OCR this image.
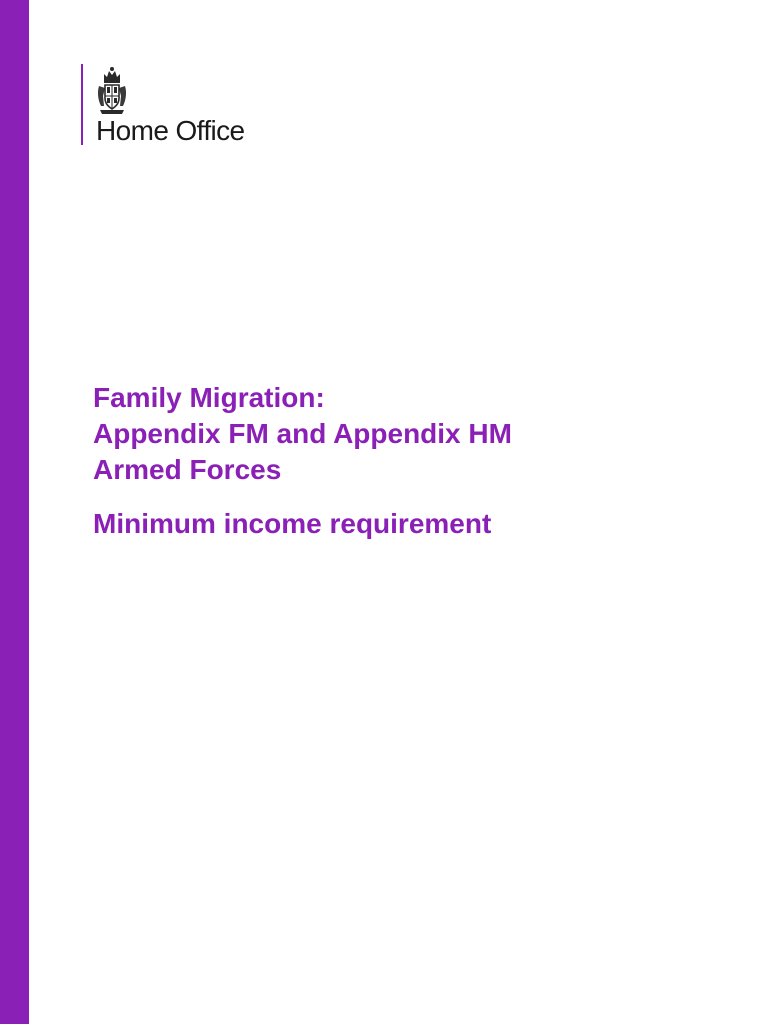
Home Office
Family Migration:
Appendix FM and Appendix HM
Armed Forces
Minimum income requirement
